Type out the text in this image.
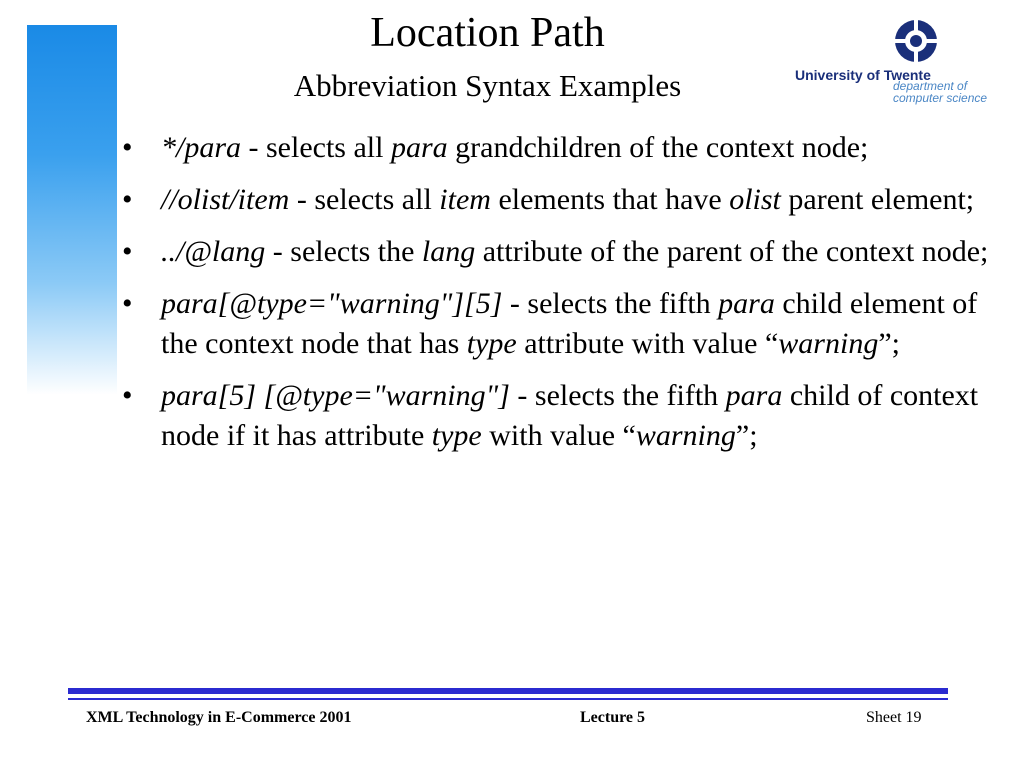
Location Path
Abbreviation Syntax Examples	University of Twente
department of
computer science
• */para - selects all para grandchildren of the context node;
• //olist/item - selects all item elements that have olist parent element;
• ../@lang - selects the lang attribute of the parent of the context node;
• para[@type="warning"][5] - selects the fifth para child element of the context node that has type attribute with value “warning”;
• para[5] [@type="warning"] - selects the fifth para child of context node if it has attribute type with value “warning”;
XML Technology in E-Commerce 2001	Lecture 5	Sheet 19
